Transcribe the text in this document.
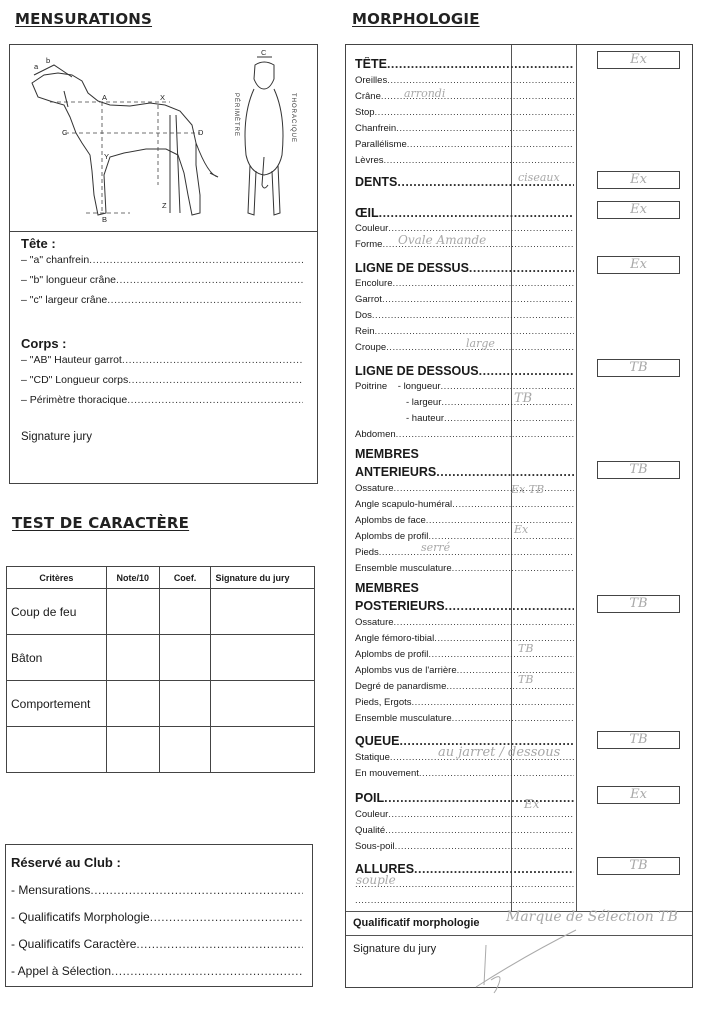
MENSURATIONS
a
b
A	X
C	D
Y
Z
B
C
PÉRIMÈTRE	THORACIQUE
Tête :
– "a" chanfrein
.....
– "b" longueur crâne
.....
– "c" largeur crâne
.....
Corps :
– "AB" Hauteur garrot
.....
– "CD" Longueur corps
.....
– Périmètre thoracique
.....
Signature jury
TEST DE CARACTÈRE
Critères	Note/10	Coef.	Signature du jury
Coup de feu			
Bâton			
Comportement			

Réservé au Club :
- Mensurations
.....
- Qualificatifs Morphologie
.....
- Qualificatifs Caractère
.....
- Appel à Sélection
.....
MORPHOLOGIE
TÊTE .....	Ex
Oreilles
.....
Crâne
.....
Stop
.....
Chanfrein
.....
Parallélisme
.....
Lèvres
.....
arrondi
DENTS .....	Ex
ciseaux
ŒIL .....	Ex
Couleur
.....
Forme ..... Ovale Amande
LIGNE DE DESSUS .....	Ex
Encolure
.....
Garrot
.....
Dos
.....
Rein
.....
Croupe .....	large
LIGNE DE DESSOUS .....	TB
Poitrine    - longueur
.....
- largeur
.....
- hauteur
.....
Abdomen
.....
TB
MEMBRES
ANTERIEURS .....	TB
Ossature
.....
Angle scapulo-huméral
.....
Aplombs de face
.....
Aplombs de profil
.....
Pieds
.....
Ensemble musculature
.....
Ex TB
Ex
serré
MEMBRES
POSTERIEURS .....	TB
Ossature
.....
Angle fémoro-tibial
.....
Aplombs de profil
.....
Aplombs vus de l'arrière
.....
Degré de panardisme
.....
Pieds, Ergots
.....
Ensemble musculature
.....
TB
TB
QUEUE .....	TB
Statique
.....
En mouvement
.....
au jarret / dessous
POIL .....	Ex
Couleur
.....
Qualité
.....
Sous-poil
.....
Ex
ALLURES .....	TB
.....
.....
souple
Qualificatif morphologie Marque de Sélection TB
Signature du jury
